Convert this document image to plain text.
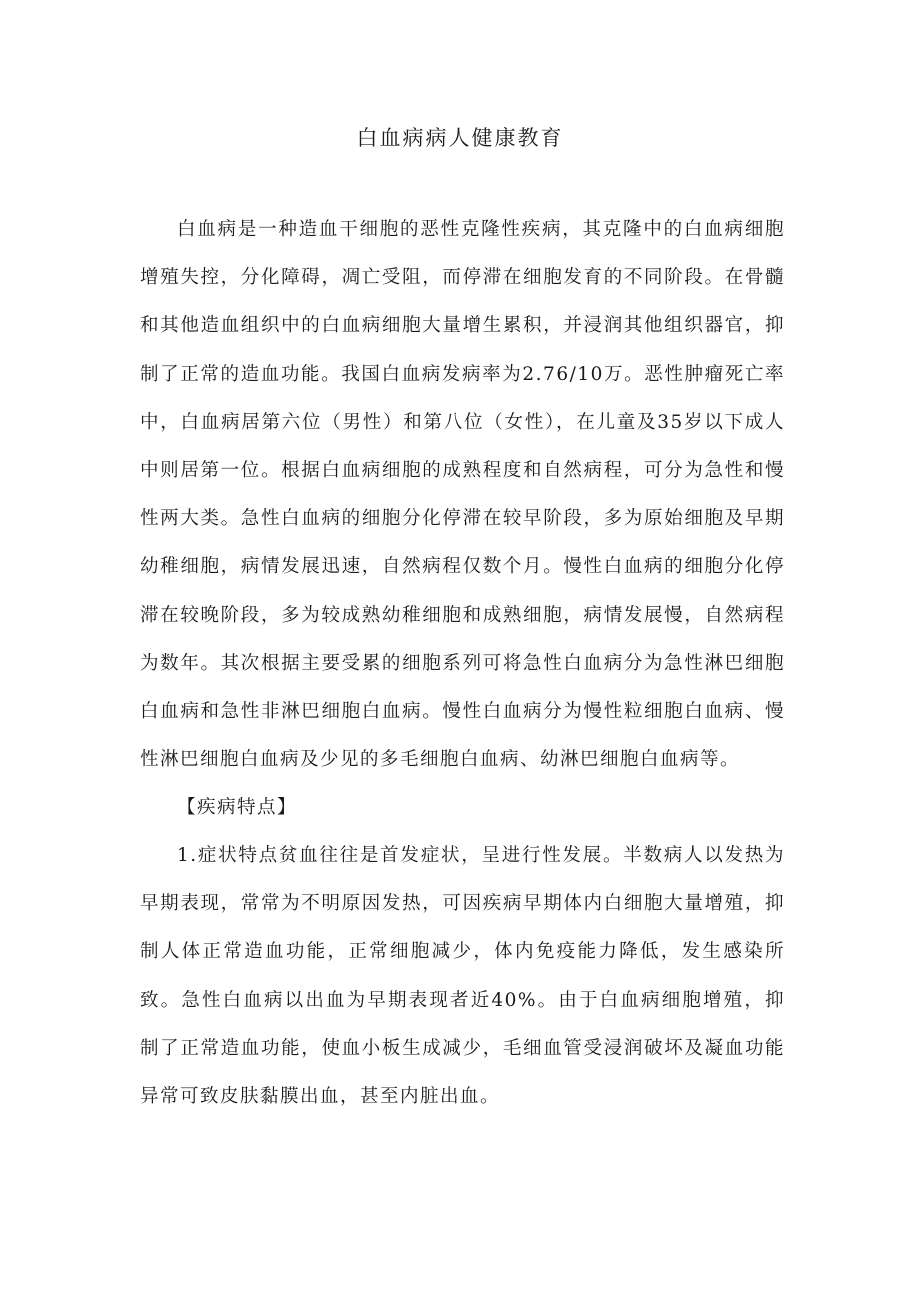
白血病病人健康教育

白血病是一种造血干细胞的恶性克隆性疾病，其克隆中的白血病细胞增殖失控，分化障碍，凋亡受阻，而停滞在细胞发育的不同阶段。在骨髓和其他造血组织中的白血病细胞大量增生累积，并浸润其他组织器官，抑制了正常的造血功能。我国白血病发病率为2.76/10万。恶性肿瘤死亡率中，白血病居第六位（男性）和第八位（女性），在儿童及35岁以下成人中则居第一位。根据白血病细胞的成熟程度和自然病程，可分为急性和慢性两大类。急性白血病的细胞分化停滞在较早阶段，多为原始细胞及早期幼稚细胞，病情发展迅速，自然病程仅数个月。慢性白血病的细胞分化停滞在较晚阶段，多为较成熟幼稚细胞和成熟细胞，病情发展慢，自然病程为数年。其次根据主要受累的细胞系列可将急性白血病分为急性淋巴细胞白血病和急性非淋巴细胞白血病。慢性白血病分为慢性粒细胞白血病、慢性淋巴细胞白血病及少见的多毛细胞白血病、幼淋巴细胞白血病等。

【疾病特点】

1.症状特点贫血往往是首发症状，呈进行性发展。半数病人以发热为早期表现，常常为不明原因发热，可因疾病早期体内白细胞大量增殖，抑制人体正常造血功能，正常细胞减少，体内免疫能力降低，发生感染所致。急性白血病以出血为早期表现者近40%。由于白血病细胞增殖，抑制了正常造血功能，使血小板生成减少，毛细血管受浸润破坏及凝血功能异常可致皮肤黏膜出血，甚至内脏出血。
